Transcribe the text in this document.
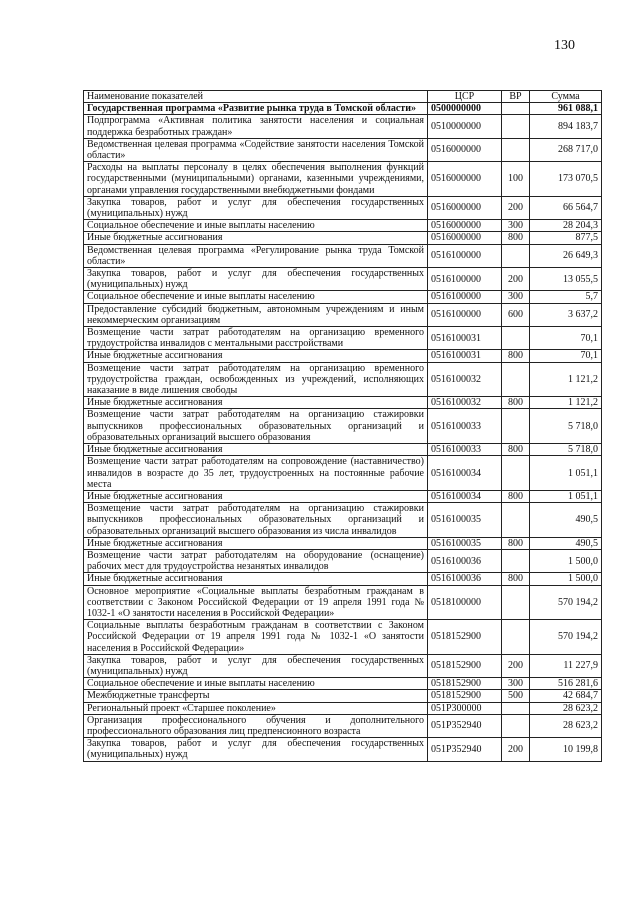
130
Наименование показателей	ЦСР	ВР	Сумма
Государственная программа «Развитие рынка труда в Томской области»	0500000000		961 088,1
Подпрограмма «Активная политика занятости населения и социальная поддержка безработных граждан»	0510000000		894 183,7
Ведомственная целевая программа «Содействие занятости населения Томской области»	0516000000		268 717,0
Расходы на выплаты персоналу в целях обеспечения выполнения функций государственными (муниципальными) органами, казенными учреждениями, органами управления государственными внебюджетными фондами	0516000000	100	173 070,5
Закупка товаров, работ и услуг для обеспечения государственных (муниципальных) нужд	0516000000	200	66 564,7
Социальное обеспечение и иные выплаты населению	0516000000	300	28 204,3
Иные бюджетные ассигнования	0516000000	800	877,5
Ведомственная целевая программа «Регулирование рынка труда Томской области»	0516100000		26 649,3
Закупка товаров, работ и услуг для обеспечения государственных (муниципальных) нужд	0516100000	200	13 055,5
Социальное обеспечение и иные выплаты населению	0516100000	300	5,7
Предоставление субсидий бюджетным, автономным учреждениям и иным некоммерческим организациям	0516100000	600	3 637,2
Возмещение части затрат работодателям на организацию временного трудоустройства инвалидов с ментальными расстройствами	0516100031		70,1
Иные бюджетные ассигнования	0516100031	800	70,1
Возмещение части затрат работодателям на организацию временного трудоустройства граждан, освобожденных из учреждений, исполняющих наказание в виде лишения свободы	0516100032		1 121,2
Иные бюджетные ассигнования	0516100032	800	1 121,2
Возмещение части затрат работодателям на организацию стажировки выпускников профессиональных образовательных организаций и образовательных организаций высшего образования	0516100033		5 718,0
Иные бюджетные ассигнования	0516100033	800	5 718,0
Возмещение части затрат работодателям на сопровождение (наставничество) инвалидов в возрасте до 35 лет, трудоустроенных на постоянные рабочие места	0516100034		1 051,1
Иные бюджетные ассигнования	0516100034	800	1 051,1
Возмещение части затрат работодателям на организацию стажировки выпускников профессиональных образовательных организаций и образовательных организаций высшего образования из числа инвалидов	0516100035		490,5
Иные бюджетные ассигнования	0516100035	800	490,5
Возмещение части затрат работодателям на оборудование (оснащение) рабочих мест для трудоустройства незанятых инвалидов	0516100036		1 500,0
Иные бюджетные ассигнования	0516100036	800	1 500,0
Основное мероприятие «Социальные выплаты безработным гражданам в соответствии с Законом Российской Федерации от 19 апреля 1991 года № 1032-1 «О занятости населения в Российской Федерации»	0518100000		570 194,2
Социальные выплаты безработным гражданам в соответствии с Законом Российской Федерации от 19 апреля 1991 года № 1032-1 «О занятости населения в Российской Федерации»	0518152900		570 194,2
Закупка товаров, работ и услуг для обеспечения государственных (муниципальных) нужд	0518152900	200	11 227,9
Социальное обеспечение и иные выплаты населению	0518152900	300	516 281,6
Межбюджетные трансферты	0518152900	500	42 684,7
Региональный проект «Старшее поколение»	051P300000		28 623,2
Организация профессионального обучения и дополнительного профессионального образования лиц предпенсионного возраста	051P352940		28 623,2
Закупка товаров, работ и услуг для обеспечения государственных (муниципальных) нужд	051P352940	200	10 199,8
